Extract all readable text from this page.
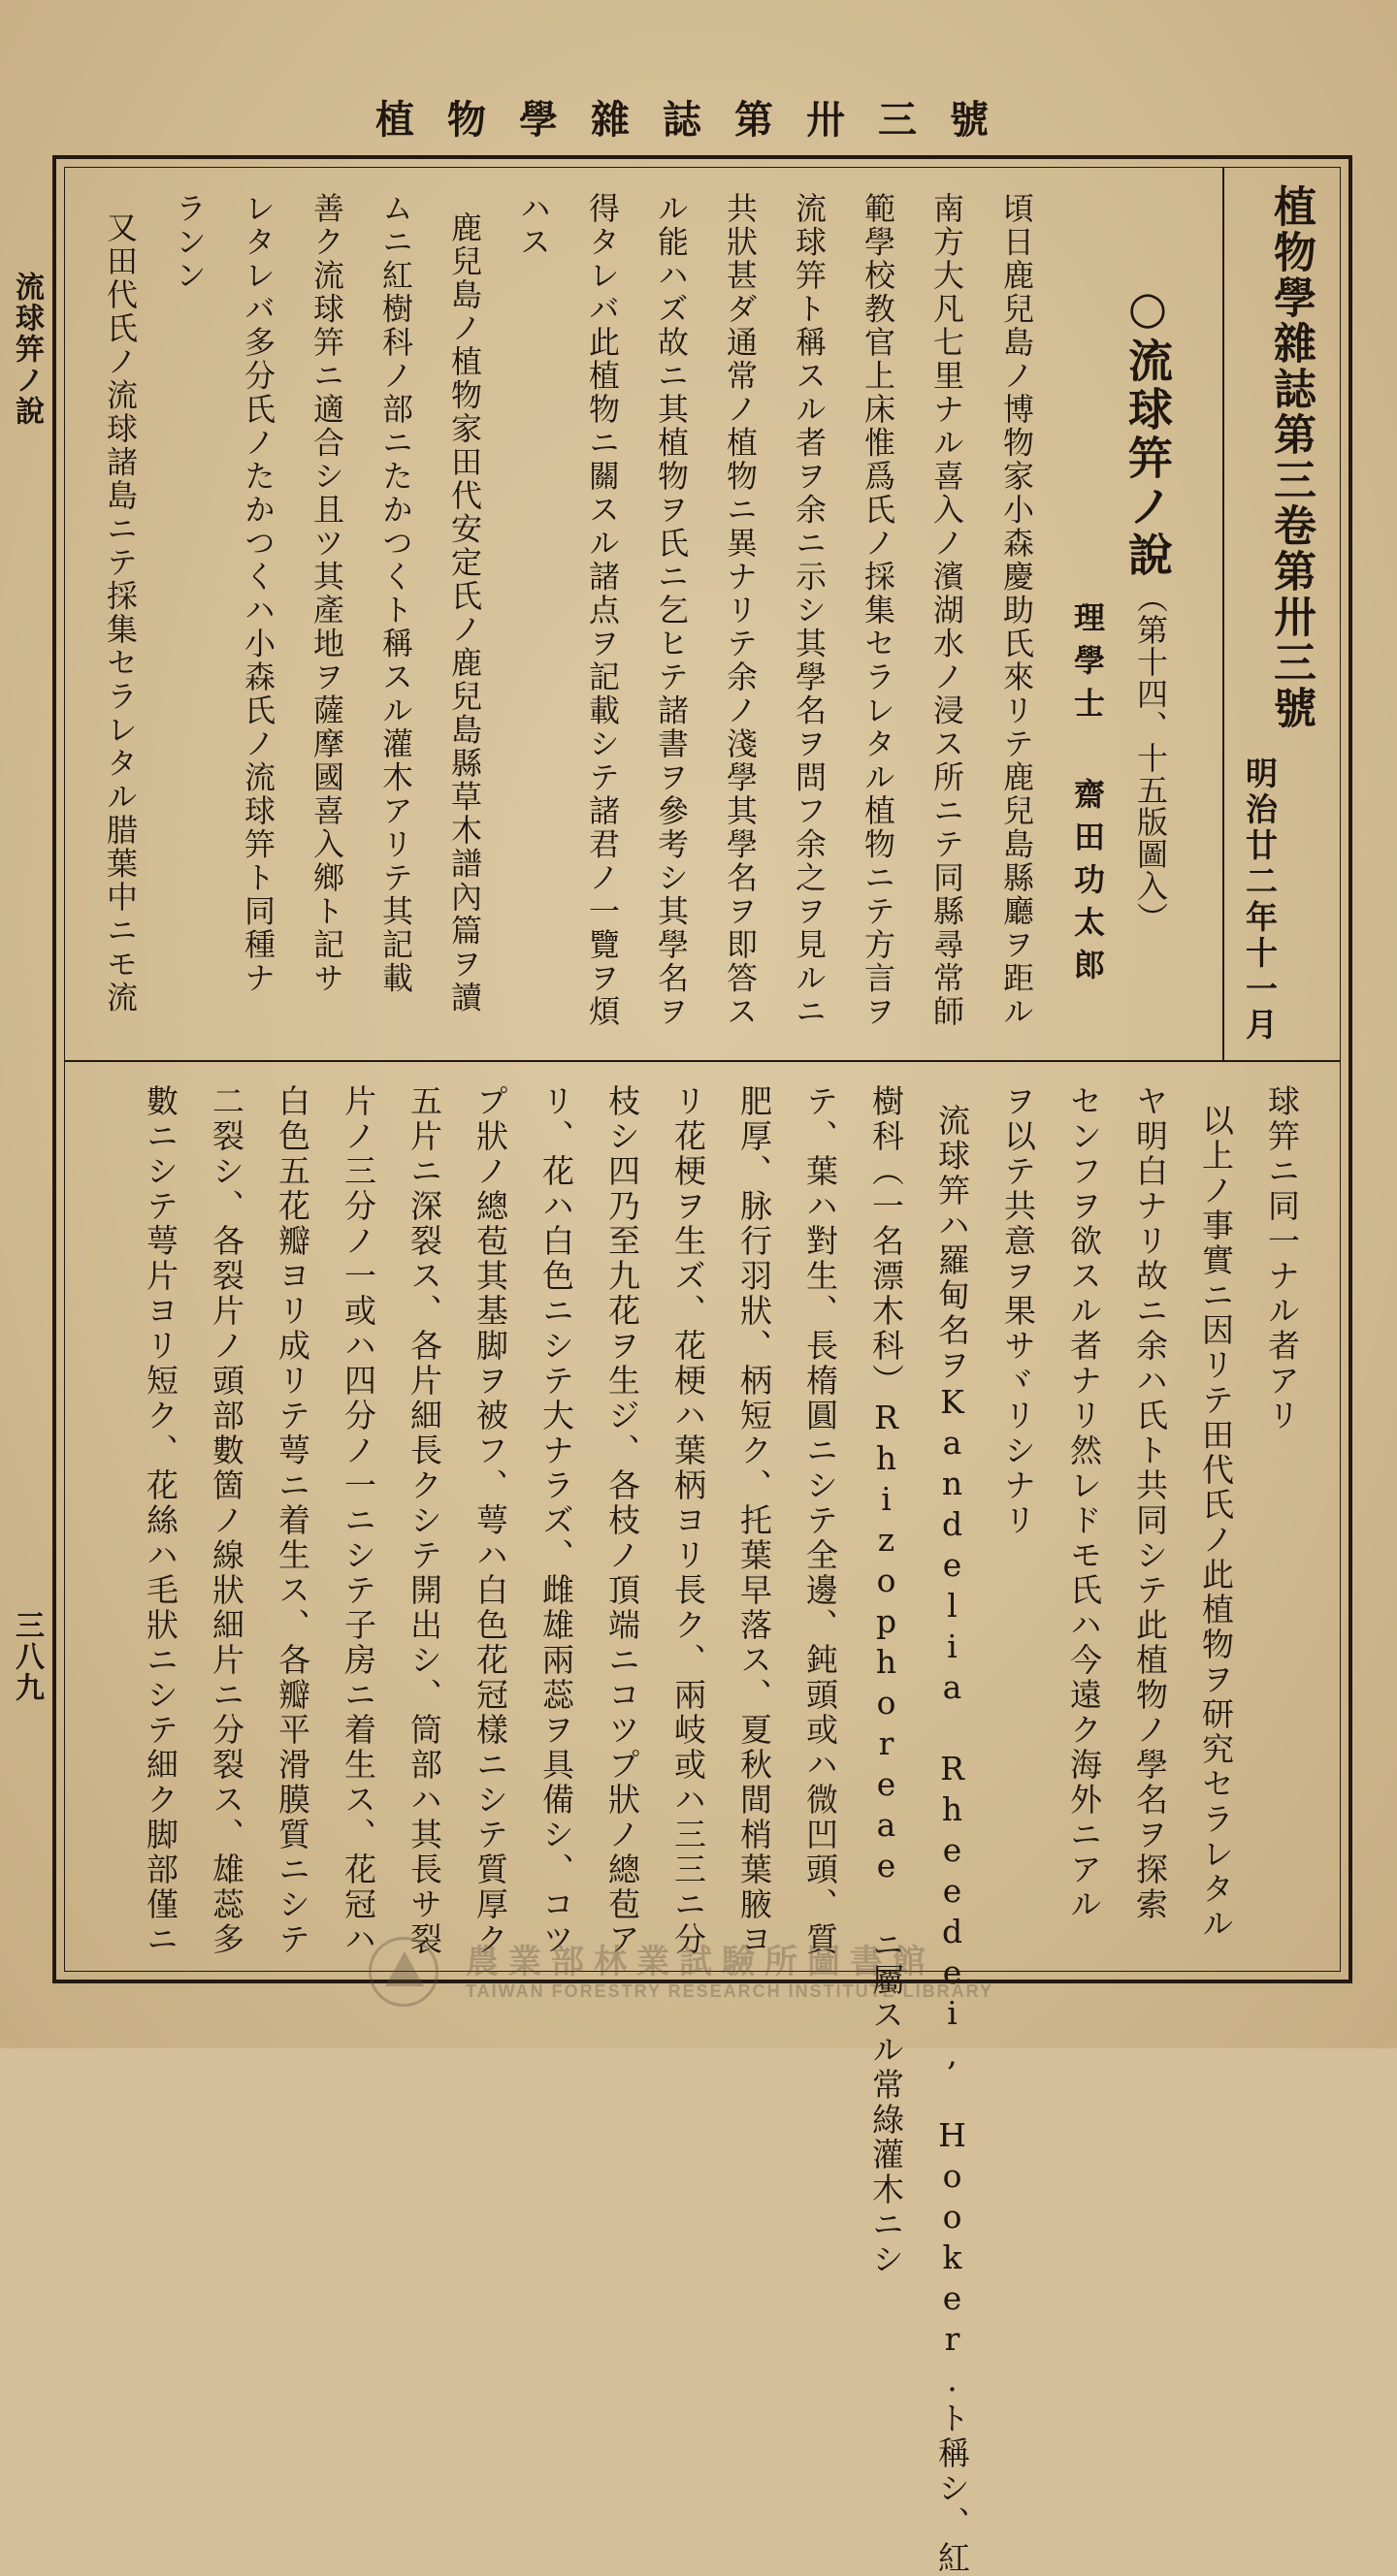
植物學雜誌第卅三號
流球笄ノ說
三八九
植物學雜誌第三卷第卅三號
明治廿二年十一月
○流球笄ノ說
（第十四、十五版圖入）
理學士 齋田功太郎
頃日鹿兒島ノ博物家小森慶助氏來リテ鹿兒島縣廳ヲ距ル
南方大凡七里ナル喜入ノ濱湖水ノ浸ス所ニテ同縣尋常師
範學校教官上床惟爲氏ノ採集セラレタル植物ニテ方言ヲ
流球笄ト稱スル者ヲ余ニ示シ其學名ヲ問フ余之ヲ見ルニ
共狀甚ダ通常ノ植物ニ異ナリテ余ノ淺學其學名ヲ即答ス
ル能ハズ故ニ其植物ヲ氏ニ乞ヒテ諸書ヲ參考シ其學名ヲ
得タレバ此植物ニ關スル諸点ヲ記載シテ諸君ノ一覽ヲ煩
ハス
鹿兒島ノ植物家田代安定氏ノ鹿兒島縣草木譜內篇ヲ讀
ムニ紅樹科ノ部ニたかつくト稱スル灌木アリテ其記載
善ク流球笄ニ適合シ且ツ其產地ヲ薩摩國喜入鄉ト記サ
レタレバ多分氏ノたかつくハ小森氏ノ流球笄ト同種ナ
ランン
又田代氏ノ流球諸島ニテ採集セラレタル腊葉中ニモ流
球笄ニ同一ナル者アリ
以上ノ事實ニ因リテ田代氏ノ此植物ヲ研究セラレタル
ヤ明白ナリ故ニ余ハ氏ト共同シテ此植物ノ學名ヲ探索
センフヲ欲スル者ナリ然レドモ氏ハ今遠ク海外ニアル
ヲ以テ共意ヲ果サヾリシナリ
流球笄ハ羅甸名ヲKandelia Rheedei, Hooker.ト稱シ、紅
樹科（一名漂木科）Rhizophoreae ニ屬スル常綠灌木ニシ
テ、葉ハ對生、長楕圓ニシテ全邊、鈍頭或ハ微凹頭、質
肥厚、脉行羽狀、柄短ク、托葉早落ス、夏秋間梢葉腋ヨ
リ花梗ヲ生ズ、花梗ハ葉柄ヨリ長ク、兩岐或ハ三三ニ分
枝シ四乃至九花ヲ生ジ、各枝ノ頂端ニコツプ狀ノ總苞ア
リ、花ハ白色ニシテ大ナラズ、雌雄兩蕊ヲ具備シ、コツ
プ狀ノ總苞其基脚ヲ被フ、萼ハ白色花冠樣ニシテ質厚ク
五片ニ深裂ス、各片細長クシテ開出シ、筒部ハ其長サ裂
片ノ三分ノ一或ハ四分ノ一ニシテ子房ニ着生ス、花冠ハ
白色五花瓣ヨリ成リテ萼ニ着生ス、各瓣平滑膜質ニシテ
二裂シ、各裂片ノ頭部數箇ノ線狀細片ニ分裂ス、雄蕊多
數ニシテ萼片ヨリ短ク、花絲ハ毛狀ニシテ細ク脚部僅ニ
農業部林業試驗所圖書館
TAIWAN FORESTRY RESEARCH INSTITUTE LIBRARY
